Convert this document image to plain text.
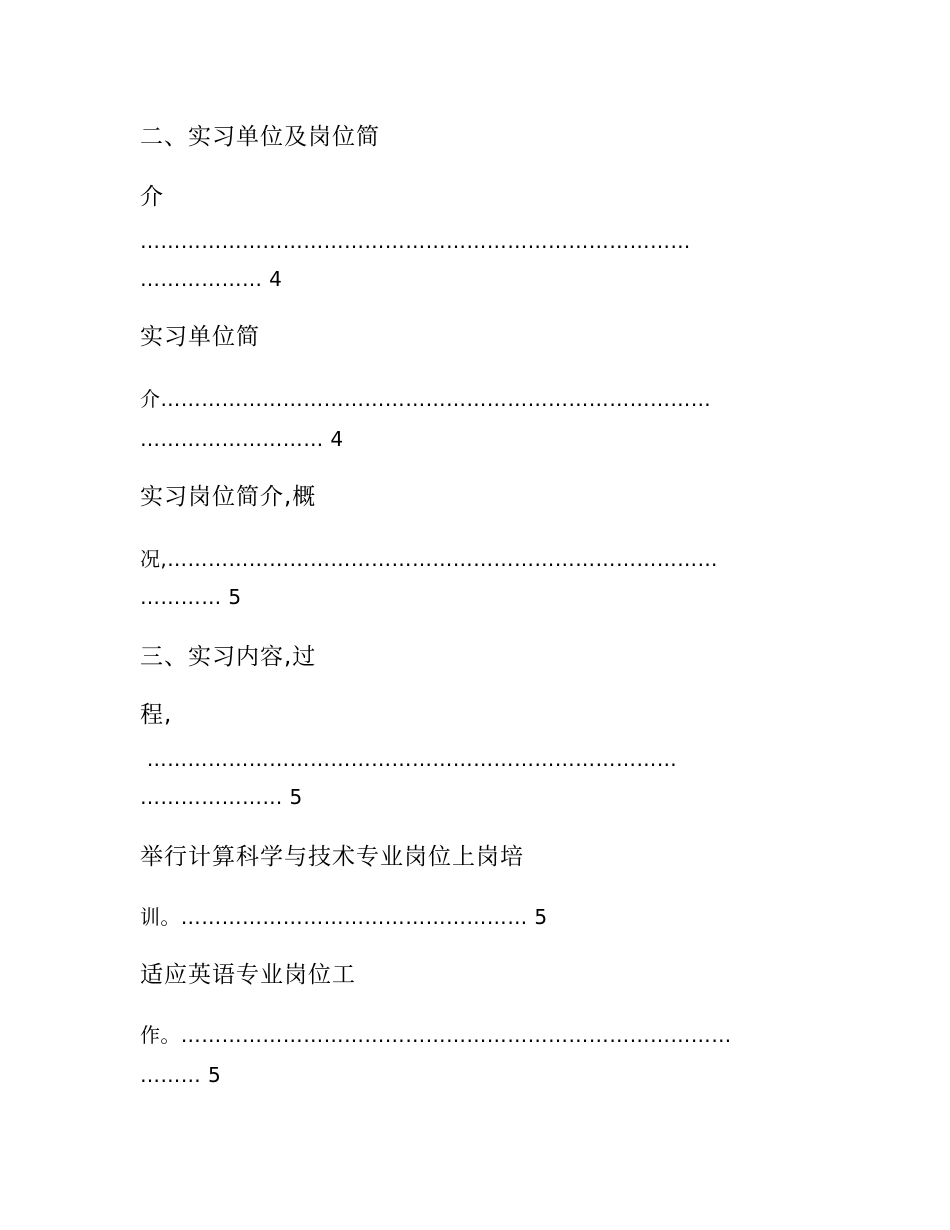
二、实习单位及岗位简
介
………………………………………………………………………
……………… 4
实习单位简
介………………………………………………………………………
……………………… 4
实习岗位简介,概
况,………………………………………………………………………
………… 5
三、实习内容,过
程,
……………………………………………………………………
………………… 5
举行计算科学与技术专业岗位上岗培
训。…………………………………………… 5
适应英语专业岗位工
作。………………………………………………………………………
……… 5
